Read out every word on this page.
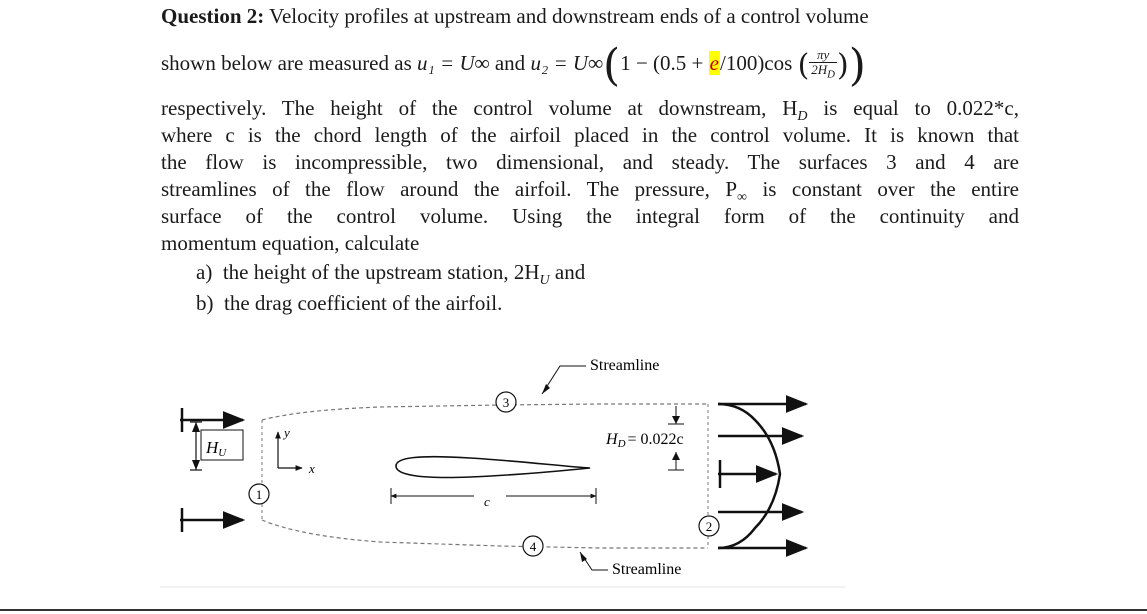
Question 2: Velocity profiles at upstream and downstream ends of a control volume
shown below are measured as u₁ = U∞ and u₂ = U∞(1 − (0.5 + e/100)cos ( $\frac{\pi y}{2H_D}$ ))
respectively. The height of the control volume at downstream, $H_D$ is equal to 0.022*c,
where c is the chord length of the airfoil placed in the control volume. It is known that
the flow is incompressible, two dimensional, and steady. The surfaces 3 and 4 are
streamlines of the flow around the airfoil. The pressure, $P_\infty$ is constant over the entire
surface of the control volume. Using the integral form of the continuity and
momentum equation, calculate
a) the height of the upstream station, $2H_U$ and
b) the drag coefficient of the airfoil.
HU
y
x
c
HD = 0.022c
Streamline
Streamline
1
2
3
4
